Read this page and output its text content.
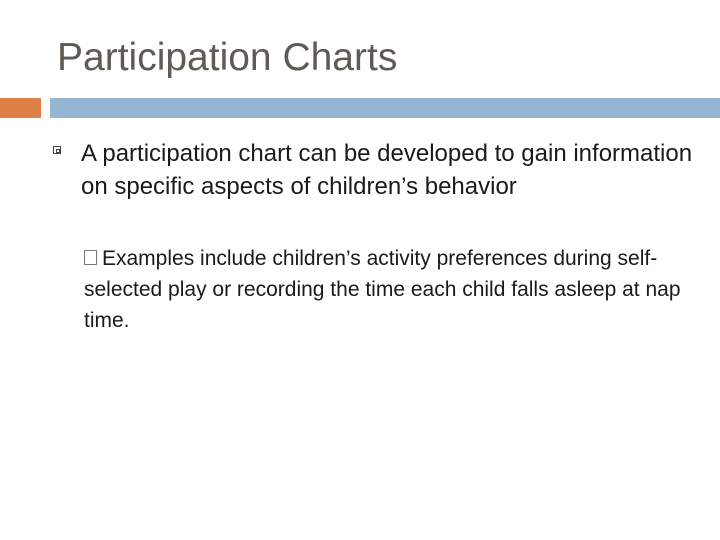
Participation Charts
A participation chart can be developed to gain information on specific aspects of children’s behavior
Examples include children’s activity preferences during self-selected play or recording the time each child falls asleep at nap time.
